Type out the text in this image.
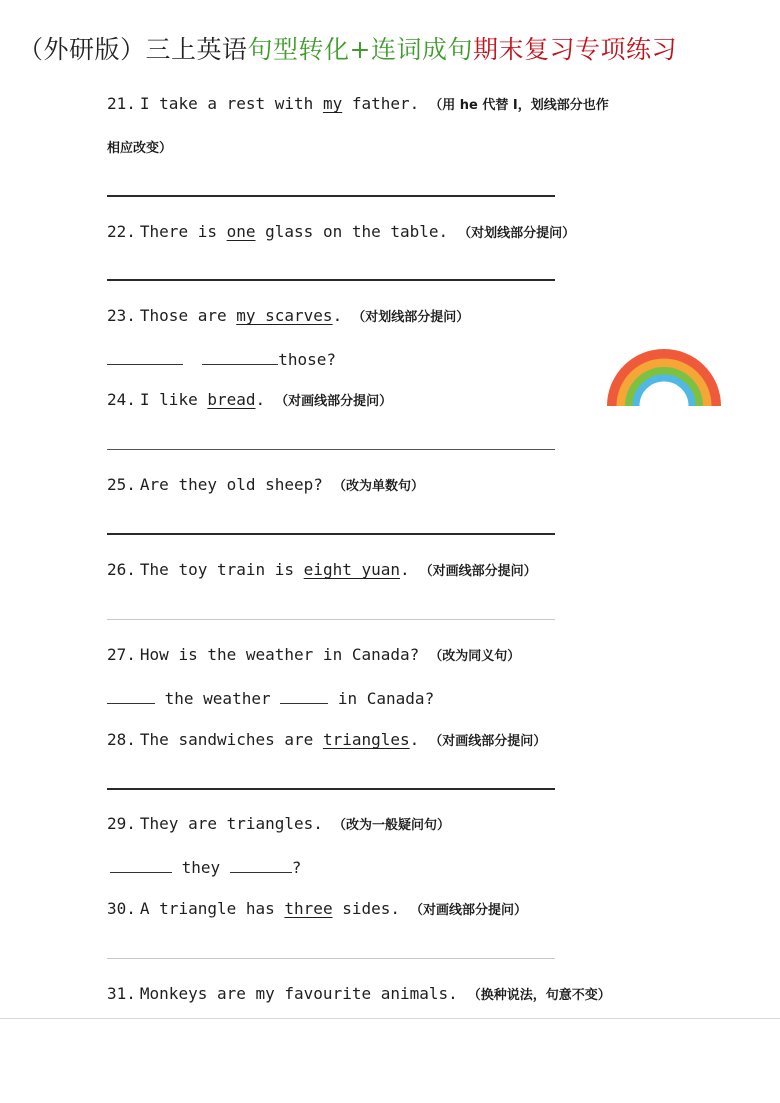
（外研版）三上英语句型转化+连词成句期末复习专项练习
21. I take a rest with my father. （用 he 代替 I，划线部分也作
相应改变）
22. There is one glass on the table. （对划线部分提问）
23. Those are my scarves. （对划线部分提问）
those?
24. I like bread. （对画线部分提问）
25. Are they old sheep? （改为单数句）
26. The toy train is eight yuan. （对画线部分提问）
27. How is the weather in Canada? （改为同义句）
the weather	in Canada?
28. The sandwiches are triangles. （对画线部分提问）
29. They are triangles. （改为一般疑问句）
they	?
30. A triangle has three sides. （对画线部分提问）
31. Monkeys are my favourite animals. （换种说法，句意不变）
